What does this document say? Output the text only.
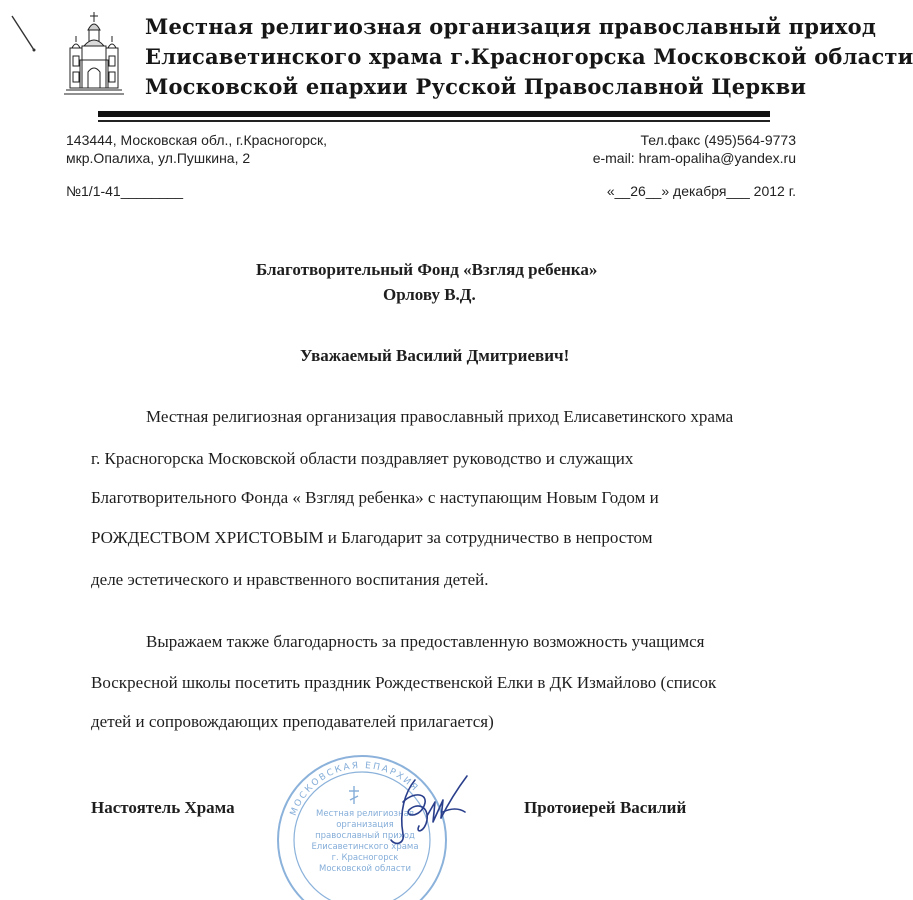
Местная религиозная организация православный приход
Елисаветинского храма г.Красногорска Московской области
Московской епархии Русской Православной Церкви
143444, Московская обл., г.Красногорск,
мкр.Опалиха, ул.Пушкина, 2
Тел.факс (495)564-9773
e-mail: hram-opaliha@yandex.ru
№1/1-41________	«__26__» декабря___ 2012 г.
Благотворительный Фонд «Взгляд ребенка»
Орлову В.Д.
Уважаемый Василий Дмитриевич!
Местная религиозная организация православный приход Елисаветинского храма
г. Красногорска Московской области поздравляет руководство и служащих
Благотворительного Фонда « Взгляд ребенка» с наступающим Новым Годом и
РОЖДЕСТВОМ ХРИСТОВЫМ и Благодарит за сотрудничество в непростом
деле эстетического и нравственного воспитания детей.
Выражаем также благодарность за предоставленную возможность учащимся
Воскресной школы посетить праздник Рождественской Елки в ДК Измайлово (список
детей и сопровождающих преподавателей прилагается)
МОСКОВСКАЯ ЕПАРХИЯ
Местная религиозная
организация
православный приход
Елисаветинского храма
г. Красногорск
Московской области
Настоятель Храма	Протоиерей Василий
